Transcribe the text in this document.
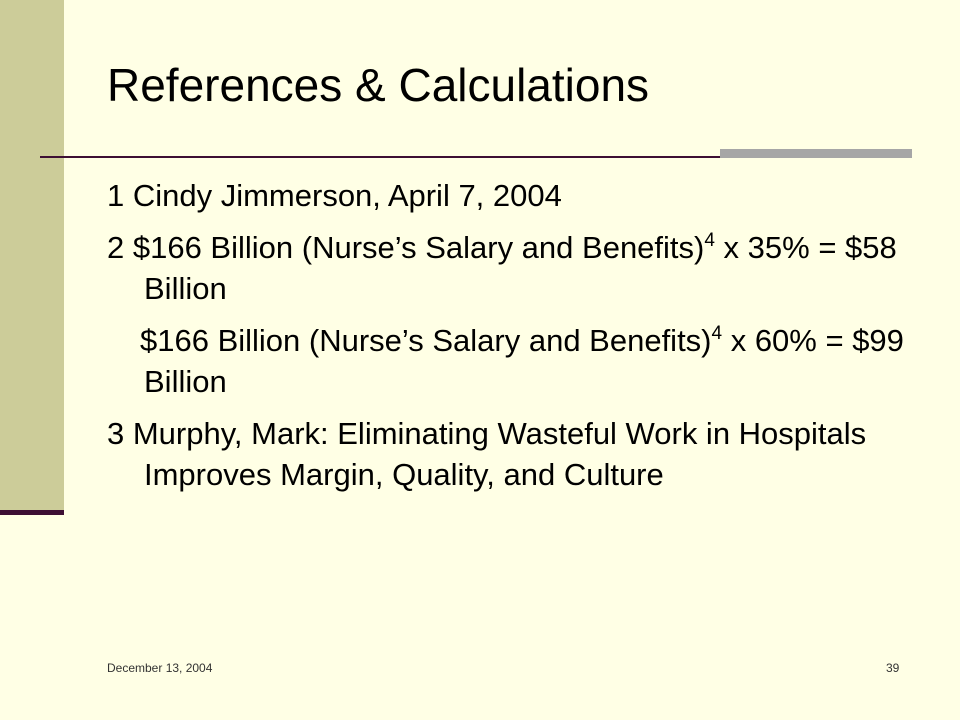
References & Calculations

1 Cindy Jimmerson, April 7, 2004

2 $166 Billion (Nurse’s Salary and Benefits)$^4$ x 35% = $58 Billion

$166 Billion (Nurse’s Salary and Benefits)$^4$ x 60% = $99 Billion

3 Murphy, Mark: Eliminating Wasteful Work in Hospitals Improves Margin, Quality, and Culture

December 13, 2004	39
